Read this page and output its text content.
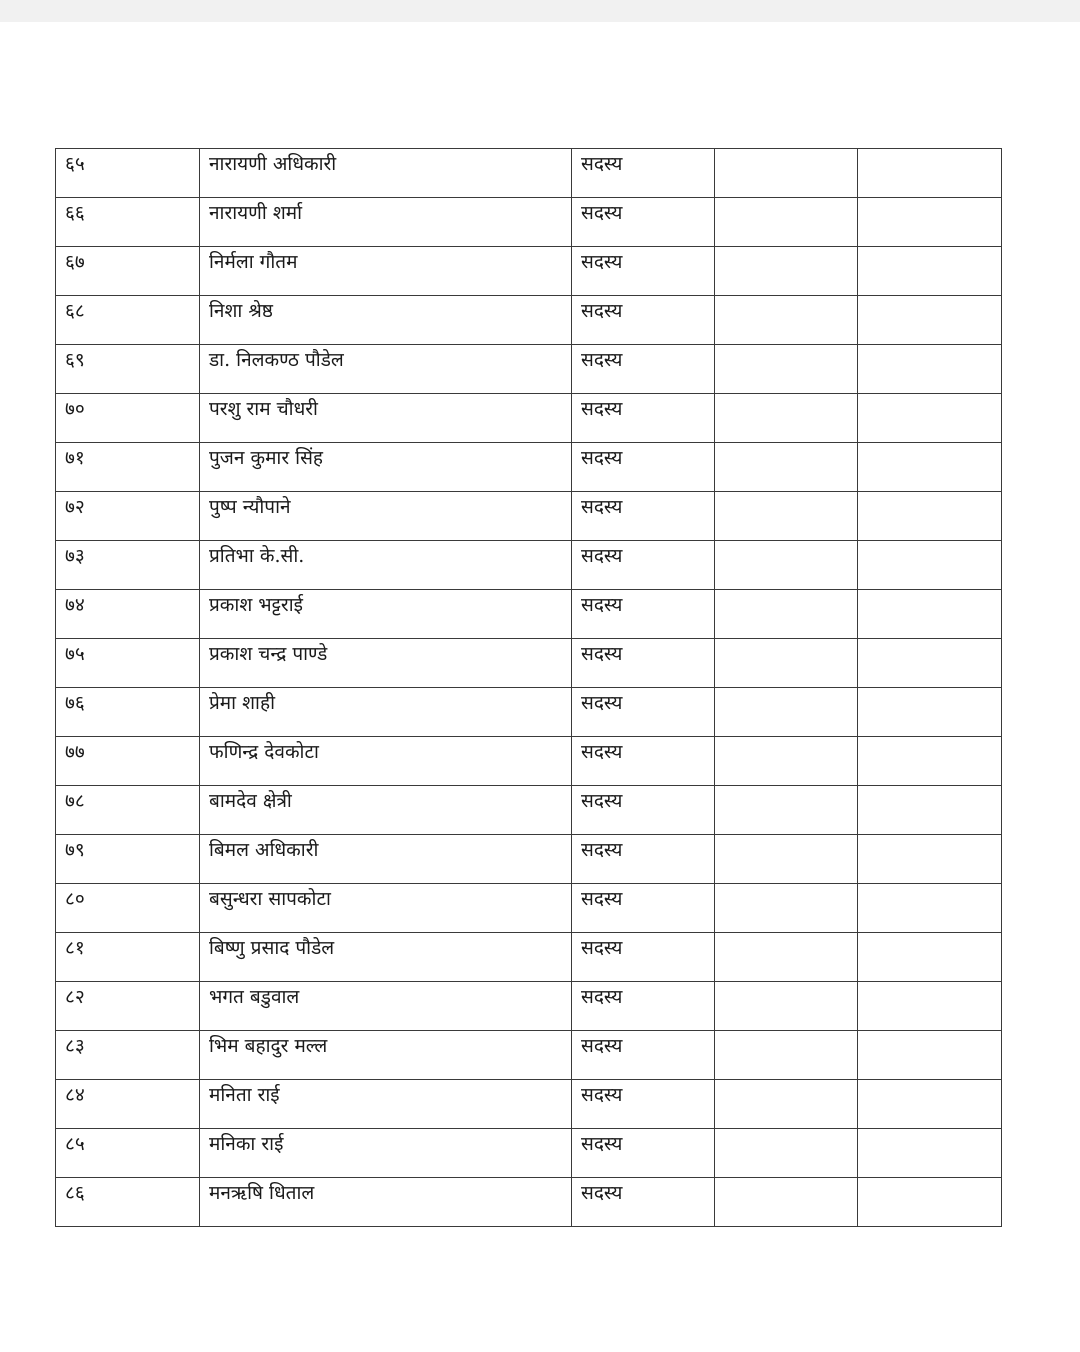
६५	नारायणी अधिकारी	सदस्य		
६६	नारायणी शर्मा	सदस्य		
६७	निर्मला गौतम	सदस्य		
६८	निशा श्रेष्ठ	सदस्य		
६९	डा. निलकण्ठ पौडेल	सदस्य		
७०	परशु राम चौधरी	सदस्य		
७१	पुजन कुमार सिंह	सदस्य		
७२	पुष्प न्यौपाने	सदस्य		
७३	प्रतिभा के.सी.	सदस्य		
७४	प्रकाश भट्टराई	सदस्य		
७५	प्रकाश चन्द्र पाण्डे	सदस्य		
७६	प्रेमा शाही	सदस्य		
७७	फणिन्द्र देवकोटा	सदस्य		
७८	बामदेव क्षेत्री	सदस्य		
७९	बिमल अधिकारी	सदस्य		
८०	बसुन्धरा सापकोटा	सदस्य		
८१	बिष्णु प्रसाद पौडेल	सदस्य		
८२	भगत बडुवाल	सदस्य		
८३	भिम बहादुर मल्ल	सदस्य		
८४	मनिता राई	सदस्य		
८५	मनिका राई	सदस्य		
८६	मनऋषि धिताल	सदस्य		
